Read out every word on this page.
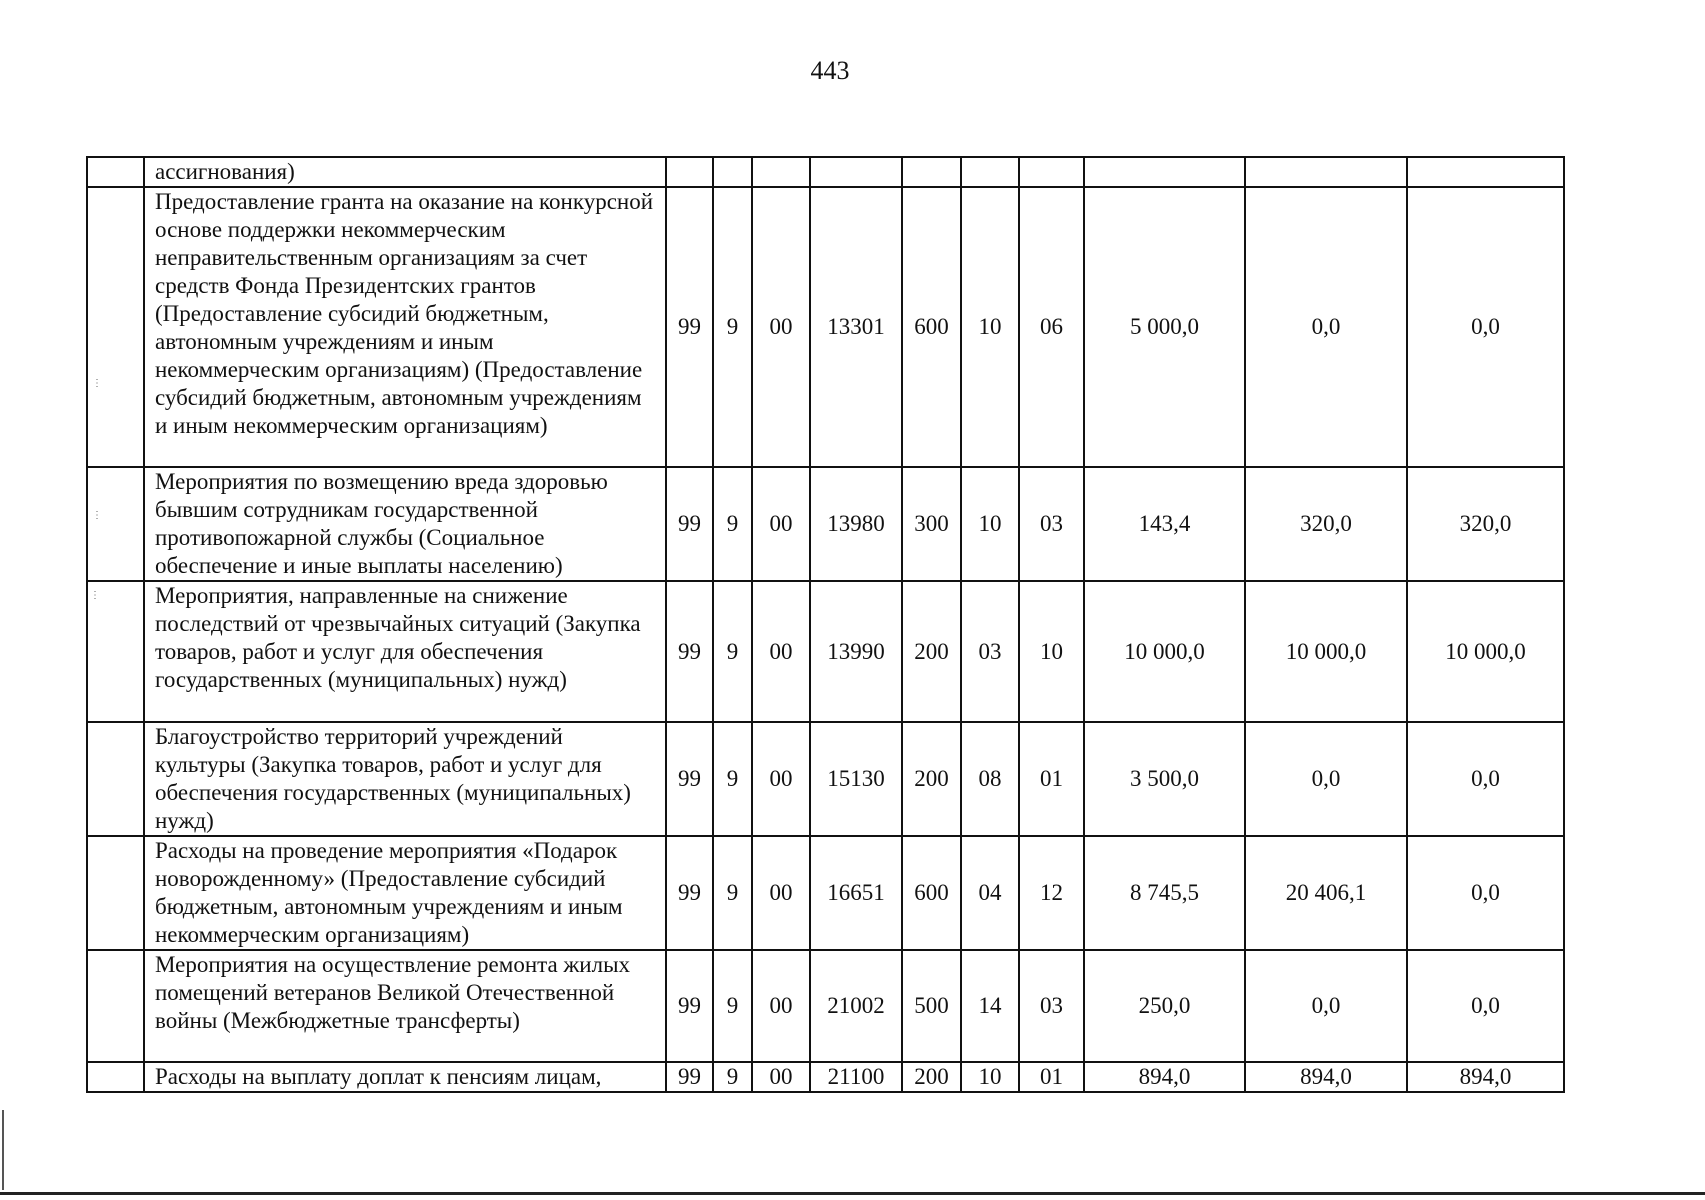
443
	ассигнования)										
	Предоставление гранта на оказание на конкурсной основе поддержки некоммерческим неправительственным организациям за счет средств Фонда Президентских грантов (Предоставление субсидий бюджетным, автономным учреждениям и иным некоммерческим организациям) (Предоставление субсидий бюджетным, автономным учреждениям и иным некоммерческим организациям)	99	9	00	13301	600	10	06	5 000,0	0,0	0,0
	Мероприятия по возмещению вреда здоровью бывшим сотрудникам государственной противопожарной службы (Социальное обеспечение и иные выплаты населению)	99	9	00	13980	300	10	03	143,4	320,0	320,0
	Мероприятия, направленные на снижение последствий от чрезвычайных ситуаций (Закупка товаров, работ и услуг для обеспечения государственных (муниципальных) нужд)	99	9	00	13990	200	03	10	10 000,0	10 000,0	10 000,0
	Благоустройство территорий учреждений культуры (Закупка товаров, работ и услуг для обеспечения государственных (муниципальных) нужд)	99	9	00	15130	200	08	01	3 500,0	0,0	0,0
	Расходы на проведение мероприятия «Подарок новорожденному» (Предоставление субсидий бюджетным, автономным учреждениям и иным некоммерческим организациям)	99	9	00	16651	600	04	12	8 745,5	20 406,1	0,0
	Мероприятия на осуществление ремонта жилых помещений ветеранов Великой Отечественной войны (Межбюджетные трансферты)	99	9	00	21002	500	14	03	250,0	0,0	0,0
	Расходы на выплату доплат к пенсиям лицам,	99	9	00	21100	200	10	01	894,0	894,0	894,0
⋮
⋮
⋮
